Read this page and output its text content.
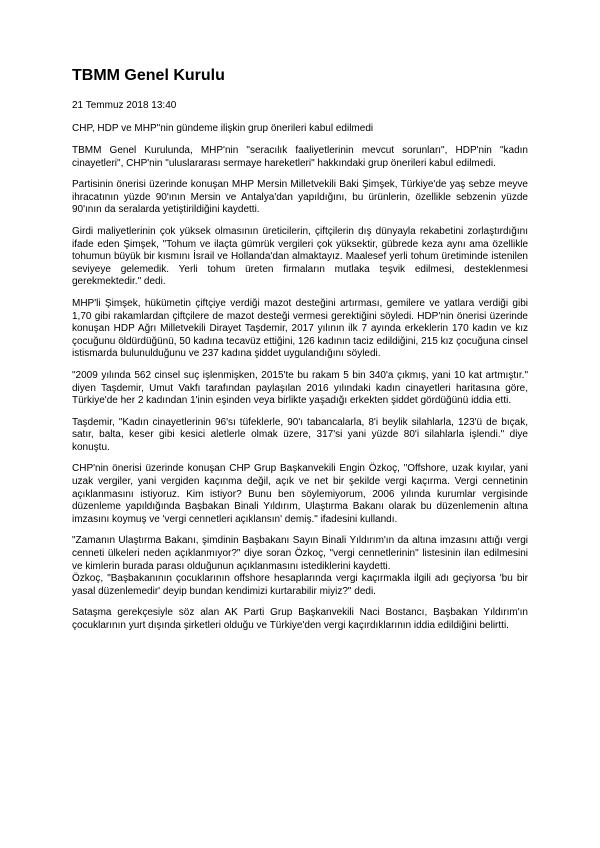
TBMM Genel Kurulu
21 Temmuz 2018 13:40
CHP, HDP ve MHP"nin gündeme ilişkin grup önerileri kabul edilmedi

TBMM Genel Kurulunda, MHP'nin "seracılık faaliyetlerinin mevcut sorunları", HDP'nin "kadın cinayetleri", CHP'nin "uluslararası sermaye hareketleri" hakkındaki grup önerileri kabul edilmedi.

Partisinin önerisi üzerinde konuşan MHP Mersin Milletvekili Baki Şimşek, Türkiye'de yaş sebze meyve ihracatının yüzde 90'ının Mersin ve Antalya'dan yapıldığını, bu ürünlerin, özellikle sebzenin yüzde 90'ının da seralarda yetiştirildiğini kaydetti.

Girdi maliyetlerinin çok yüksek olmasının üreticilerin, çiftçilerin dış dünyayla rekabetini zorlaştırdığını ifade eden Şimşek, "Tohum ve ilaçta gümrük vergileri çok yüksektir, gübrede keza aynı ama özellikle tohumun büyük bir kısmını İsrail ve Hollanda'dan almaktayız. Maalesef yerli tohum üretiminde istenilen seviyeye gelemedik. Yerli tohum üreten firmaların mutlaka teşvik edilmesi, desteklenmesi gerekmektedir." dedi.

MHP'li Şimşek, hükümetin çiftçiye verdiği mazot desteğini artırması, gemilere ve yatlara verdiği gibi 1,70 gibi rakamlardan çiftçilere de mazot desteği vermesi gerektiğini söyledi. HDP'nin önerisi üzerinde konuşan HDP Ağrı Milletvekili Dirayet Taşdemir, 2017 yılının ilk 7 ayında erkeklerin 170 kadın ve kız çocuğunu öldürdüğünü, 50 kadına tecavüz ettiğini, 126 kadının taciz edildiğini, 215 kız çocuğuna cinsel istismarda bulunulduğunu ve 237 kadına şiddet uygulandığını söyledi.

"2009 yılında 562 cinsel suç işlenmişken, 2015'te bu rakam 5 bin 340'a çıkmış, yani 10 kat artmıştır." diyen Taşdemir, Umut Vakfı tarafından paylaşılan 2016 yılındaki kadın cinayetleri haritasına göre, Türkiye'de her 2 kadından 1'inin eşinden veya birlikte yaşadığı erkekten şiddet gördüğünü iddia etti.

Taşdemir, "Kadın cinayetlerinin 96'sı tüfeklerle, 90'ı tabancalarla, 8'i beylik silahlarla, 123'ü de bıçak, satır, balta, keser gibi kesici aletlerle olmak üzere, 317'si yani yüzde 80'i silahlarla işlendi." diye konuştu.

CHP'nin önerisi üzerinde konuşan CHP Grup Başkanvekili Engin Özkoç, "Offshore, uzak kıyılar, yani uzak vergiler, yani vergiden kaçınma değil, açık ve net bir şekilde vergi kaçırma. Vergi cennetinin açıklanmasını istiyoruz. Kim istiyor? Bunu ben söylemiyorum, 2006 yılında kurumlar vergisinde düzenleme yapıldığında Başbakan Binali Yıldırım, Ulaştırma Bakanı olarak bu düzenlemenin altına imzasını koymuş ve 'vergi cennetleri açıklansın' demiş." ifadesini kullandı.

"Zamanın Ulaştırma Bakanı, şimdinin Başbakanı Sayın Binali Yıldırım'ın da altına imzasını attığı vergi cenneti ülkeleri neden açıklanmıyor?" diye soran Özkoç, "vergi cennetlerinin" listesinin ilan edilmesini ve kimlerin burada parası olduğunun açıklanmasını istediklerini kaydetti.

Özkoç, "Başbakanının çocuklarının offshore hesaplarında vergi kaçırmakla ilgili adı geçiyorsa 'bu bir yasal düzenlemedir' deyip bundan kendimizi kurtarabilir miyiz?" dedi.

Sataşma gerekçesiyle söz alan AK Parti Grup Başkanvekili Naci Bostancı, Başbakan Yıldırım'ın çocuklarının yurt dışında şirketleri olduğu ve Türkiye'den vergi kaçırdıklarının iddia edildiğini belirtti.
